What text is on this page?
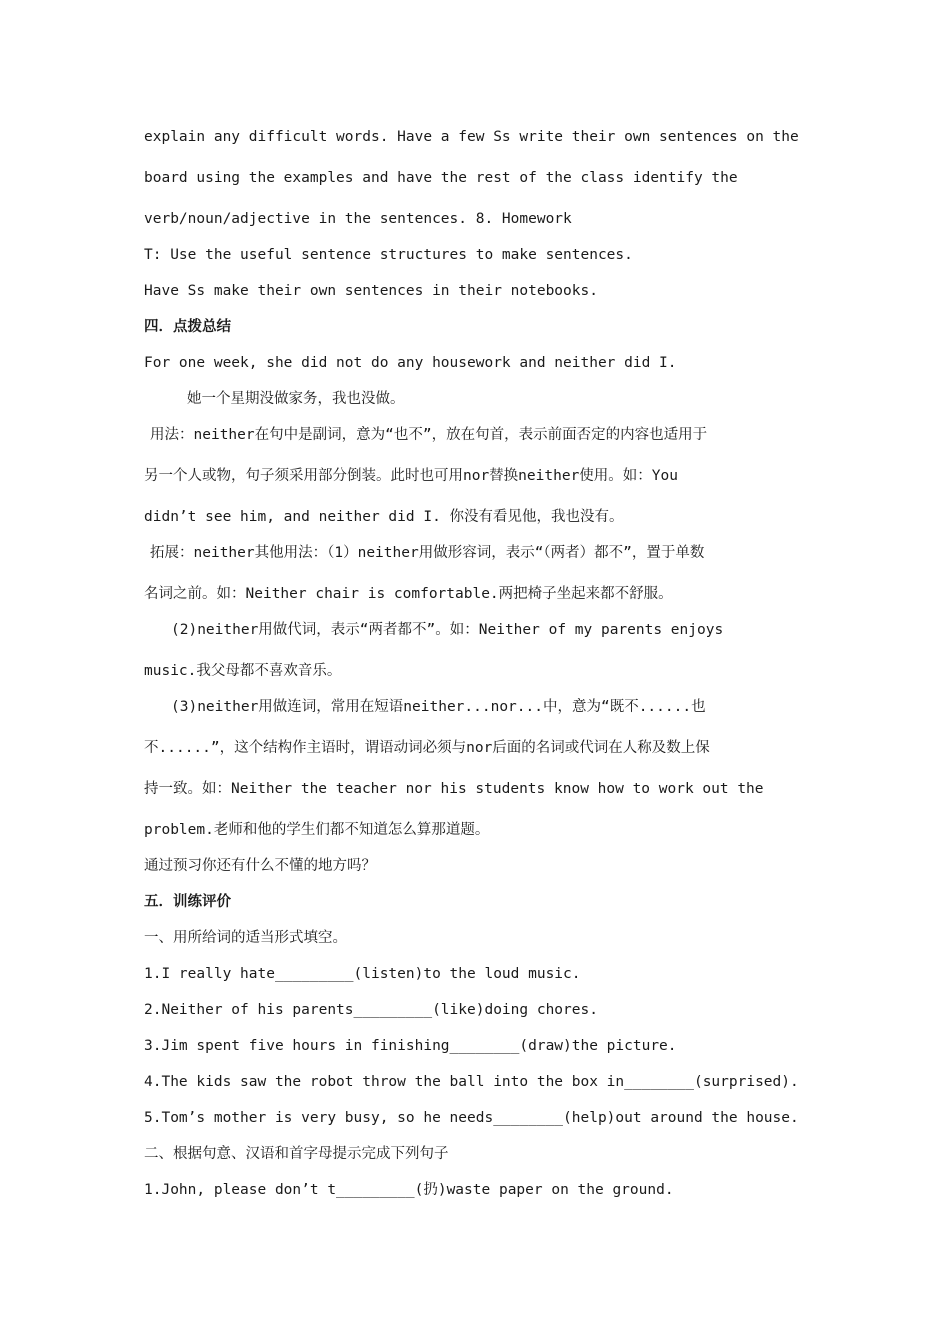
explain any difficult words. Have a few Ss write their own sentences on the
board using the examples and have the rest of the class identify the
verb/noun/adjective in the sentences. 8. Homework
T: Use the useful sentence structures to make sentences.
Have Ss make their own sentences in their notebooks.
四．点拨总结
For one week, she did not do any housework and neither did I.
她一个星期没做家务，我也没做。
用法：neither在句中是副词，意为“也不”，放在句首，表示前面否定的内容也适用于
另一个人或物，句子须采用部分倒装。此时也可用nor替换neither使用。如：You
didn’t see him, and neither did I. 你没有看见他，我也没有。
拓展：neither其他用法：（1）neither用做形容词，表示“（两者）都不”，置于单数
名词之前。如：Neither chair is comfortable.两把椅子坐起来都不舒服。
(2)neither用做代词，表示“两者都不”。如：Neither of my parents enjoys
music.我父母都不喜欢音乐。
(3)neither用做连词，常用在短语neither...nor...中，意为“既不......也
不......”，这个结构作主语时，谓语动词必须与nor后面的名词或代词在人称及数上保
持一致。如：Neither the teacher nor his students know how to work out the
problem.老师和他的学生们都不知道怎么算那道题。
通过预习你还有什么不懂的地方吗？
五．训练评价
一、用所给词的适当形式填空。
1.I really hate_________(listen)to the loud music.
2.Neither of his parents_________(like)doing chores.
3.Jim spent five hours in finishing________(draw)the picture.
4.The kids saw the robot throw the ball into the box in________(surprised).
5.Tom’s mother is very busy, so he needs________(help)out around the house.
二、根据句意、汉语和首字母提示完成下列句子
1.John, please don’t t_________(扔)waste paper on the ground.
